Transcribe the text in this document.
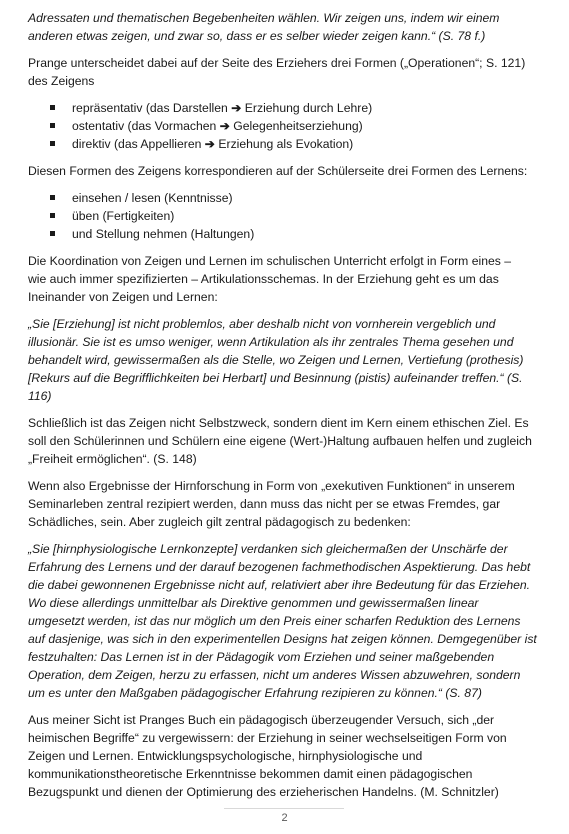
Adressaten und thematischen Begebenheiten wählen. Wir zeigen uns, indem wir einem

anderen etwas zeigen, und zwar so, dass er es selber wieder zeigen kann.“ (S. 78 f.)

Prange unterscheidet dabei auf der Seite des Erziehers drei Formen („Operationen“; S. 121)

des Zeigens

repräsentativ (das Darstellen ➔ Erziehung durch Lehre)
ostentativ (das Vormachen ➔ Gelegenheitserziehung)
direktiv (das Appellieren ➔ Erziehung als Evokation)

Diesen Formen des Zeigens korrespondieren auf der Schülerseite drei Formen des Lernens:

einsehen / lesen (Kenntnisse)
üben (Fertigkeiten)
und Stellung nehmen (Haltungen)

Die Koordination von Zeigen und Lernen im schulischen Unterricht erfolgt in Form eines –

wie auch immer spezifizierten – Artikulationsschemas. In der Erziehung geht es um das

Ineinander von Zeigen und Lernen:

„Sie [Erziehung] ist nicht problemlos, aber deshalb nicht von vornherein vergeblich und

illusionär. Sie ist es umso weniger, wenn Artikulation als ihr zentrales Thema gesehen und

behandelt wird, gewissermaßen als die Stelle, wo Zeigen und Lernen, Vertiefung (prothesis)

[Rekurs auf die Begrifflichkeiten bei Herbart] und Besinnung (pistis) aufeinander treffen.“ (S.

116)

Schließlich ist das Zeigen nicht Selbstzweck, sondern dient im Kern einem ethischen Ziel. Es

soll den Schülerinnen und Schülern eine eigene (Wert-)Haltung aufbauen helfen und zugleich

„Freiheit ermöglichen“. (S. 148)

Wenn also Ergebnisse der Hirnforschung in Form von „exekutiven Funktionen“ in unserem

Seminarleben zentral rezipiert werden, dann muss das nicht per se etwas Fremdes, gar

Schädliches, sein. Aber zugleich gilt zentral pädagogisch zu bedenken:

„Sie [hirnphysiologische Lernkonzepte] verdanken sich gleichermaßen der Unschärfe der

Erfahrung des Lernens und der darauf bezogenen fachmethodischen Aspektierung. Das hebt

die dabei gewonnenen Ergebnisse nicht auf, relativiert aber ihre Bedeutung für das Erziehen.

Wo diese allerdings unmittelbar als Direktive genommen und gewissermaßen linear

umgesetzt werden, ist das nur möglich um den Preis einer scharfen Reduktion des Lernens

auf dasjenige, was sich in den experimentellen Designs hat zeigen können. Demgegenüber ist

festzuhalten: Das Lernen ist in der Pädagogik vom Erziehen und seiner maßgebenden

Operation, dem Zeigen, herzu zu erfassen, nicht um anderes Wissen abzuwehren, sondern

um es unter den Maßgaben pädagogischer Erfahrung rezipieren zu können.“ (S. 87)

Aus meiner Sicht ist Pranges Buch ein pädagogisch überzeugender Versuch, sich „der

heimischen Begriffe“ zu vergewissern: der Erziehung in seiner wechselseitigen Form von

Zeigen und Lernen. Entwicklungspsychologische, hirnphysiologische und

kommunikationstheoretische Erkenntnisse bekommen damit einen pädagogischen

Bezugspunkt und dienen der Optimierung des erzieherischen Handelns. (M. Schnitzler)

2
